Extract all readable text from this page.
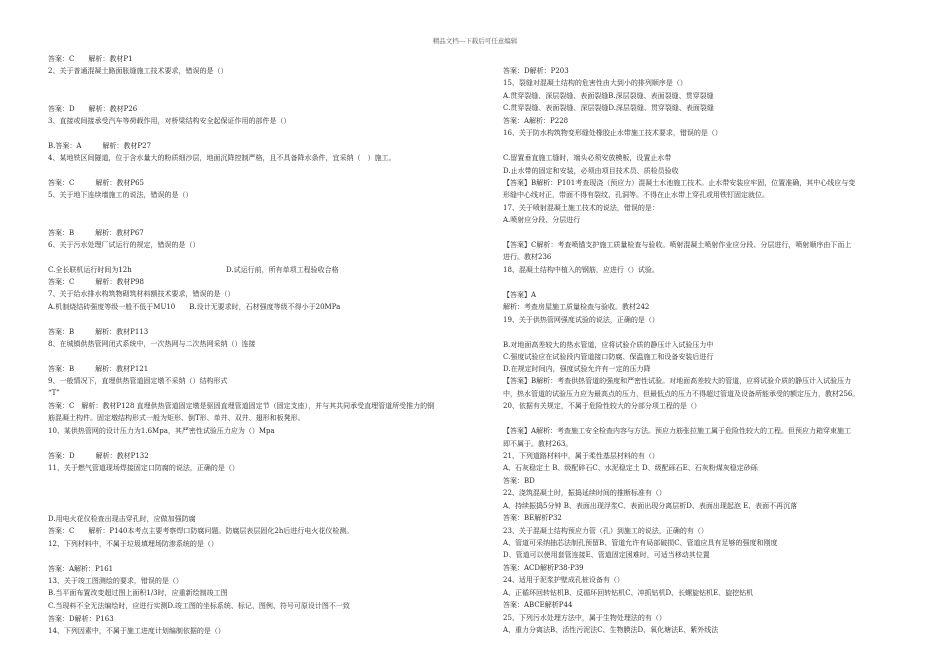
精品文档---下载后可任意编辑
答案：C　　解析：教材P1
2、关于普通混凝土路面胀缝施工技术要求，错误的是（）
答案：D　　解析：教材P26
3、直接或间接承受汽车等荷载作用，对桥梁结构安全起保证作用的部件是（）
B.答案：A　　　解析：教材P27
4、某地铁区间隧道，位于含水量大的粉质细沙层，地面沉降控制严格，且不具备降水条件，宜采纳（　）施工。
答案：C　　　解析：教材P65
5、关于地下连续墙施工的说法，错误的是（）
答案：B　　　解析：教材P67
6、关于污水处理厂试运行的规定，错误的是（）
C.全长联机运行时间为12h	D.试运行前，所有单项工程验收合格
答案：C　　　解析：教材P98
7、关于给水排水构筑物砌筑材料额技术要求，错误的是（）
A.机制烧结砖强度等级一般不低于MU10　　B.设计无要求时，石材强度等级不得小于20MPa
答案：B　　　解析：教材P113
8、在城镇供热管网闭式系统中，一次热网与二次热网采纳（）连接
答案：B　　　解析：教材P121
9、一般情况下，直埋供热管道固定墩不采纳（）结构形式
“T”
答案：C　解析：教材P128 直埋供热管道固定墩是驱固直埋管道固定节（固定支座），并与其共同承受直埋管道所受推力的钢
筋混凝土构件。固定墩结构形式一般为矩形、倒T形、单井、双井、翅形和板凳形。
10、某供热管网的设计压力为1.6Mpa，其严密性试验压力应为（）Mpa
答案：D　　　解析：教材P132
11、关于燃气管道现场焊接固定口防腐的说法，正确的是（）
D.用电火花仪检查出现击穿孔时，应做加强防腐
答案：C　　解析：P140本考点主要考察焊口防腐问题。防腐层表层固化2h后进行电火花仪检测。
12、下列材料中，不属于垃圾填埋场防渗系统的是（）
答案：A解析：P161
13、关于竣工图测绘的要求，错误的是（）
B.当平面布置改变超过图上面积1/3时，应重新绘制竣工图
C.当现料不全无法编绘时，应进行实测D.竣工图的坐标系统、标记、图例、符号可原设计图不一致
答案：D解析：P163
14、下列因素中，不属于施工进度计划编制依据的是（）
答案：D解析：P203
15、裂缝对混凝土结构的危害性由大到小的排列顺序是（）
A.贯穿裂缝、深层裂缝、表面裂缝B.深层裂缝、表面裂缝、贯穿裂缝
C.贯穿裂缝、表面裂缝、深层裂缝D.深层裂缝、贯穿裂缝、表面裂缝
答案：A解析：P228
16、关于防水构筑物变形缝处橡胶止水带施工技术要求，错误的是（）
C.留置垂直施工缝时，端头必须安放模板，设置止水带
D.止水带的固定和安装，必须由项目技术员、质检员验收
【答案】B解析：P101考查现浇（预应力）混凝土水池施工技术。止水带安装应牢固，位置准确，其中心线应与变
形缝中心线对正，带面不得有裂纹、孔洞等。不得在止水带上穿孔或用铁钉固定就位。
17、关于喷射混凝土施工技术的说法，错误的是：
A.喷射应分段、分层进行
【答案】C解析：考查喷锚支护施工质量检查与验收。喷射混凝土喷射作业应分段、分层进行，喷射顺序由下而上
进行。教材236
18、混凝土结构中植入的钢筋，应进行（）试验。
【答案】A
解析：考查房屋施工质量检查与验收。教材242
19、关于供热管网强度试验的说法，正确的是（）
B.对地面高差较大的热水管道，应将试验介质的静压计入试验压力中
C.强度试验应在试验段内管道接口防腐、保温施工和设备安装后进行
D.在规定时间内，强度试验允许有一定的压力降
【答案】B解析：考查供热管道的强度和严密性试验。对地面高差较大的管道，应将试验介质的静压计入试验压力
中，热水管道的试验压力应为最高点的压力，但最低点的压力不得超过管道及设备所能承受的额定压力，教材256。
20、依据有关规定，不属于危险性较大的分部分项工程的是（）
【答案】A解析：考查施工安全检查内容与方法。预应力筋张拉施工属于危险性较大的工程。但预应力箱穿束施工
即不属于。教材263。
21、下列道路材料中，属于柔性基层材料的有（）
A、石灰稳定土 B、级配碎石C、水泥稳定土 D、级配砾石E、石灰粉煤灰稳定砂砾
答案：BD
22、浇筑混凝土时，振捣延续时间的推断标准有（）
A、持续振捣5分钟 B、表面出现浮浆C、表面出现分离层析D、表面出现起泡 E、表面不再沉落
答案：BE解析P32
23、关于混凝土结构预应力管（孔）到施工的说法，正确的有（）
A、管道可采纳抽芯法制孔预留B、管道允许有局部破损C、管道应具有足够的强度和刚度
D、管道可以使用套管连接E、管道固定困难时，可适当移动其位置
答案：ACD解析P38-P39
24、适用于泥浆护壁成孔桩设备有（）
A、正循环回转钻机B、反循环回转钻机C、冲抓钻机D、长螺旋钻机E、旋挖钻机
答案：ABCE解析P44
25、下列污水处理方法中，属于生物处理法的有（）
A、重力分离法B、活性污泥法C、生物膜法D、氧化塘法E、紫外线法
